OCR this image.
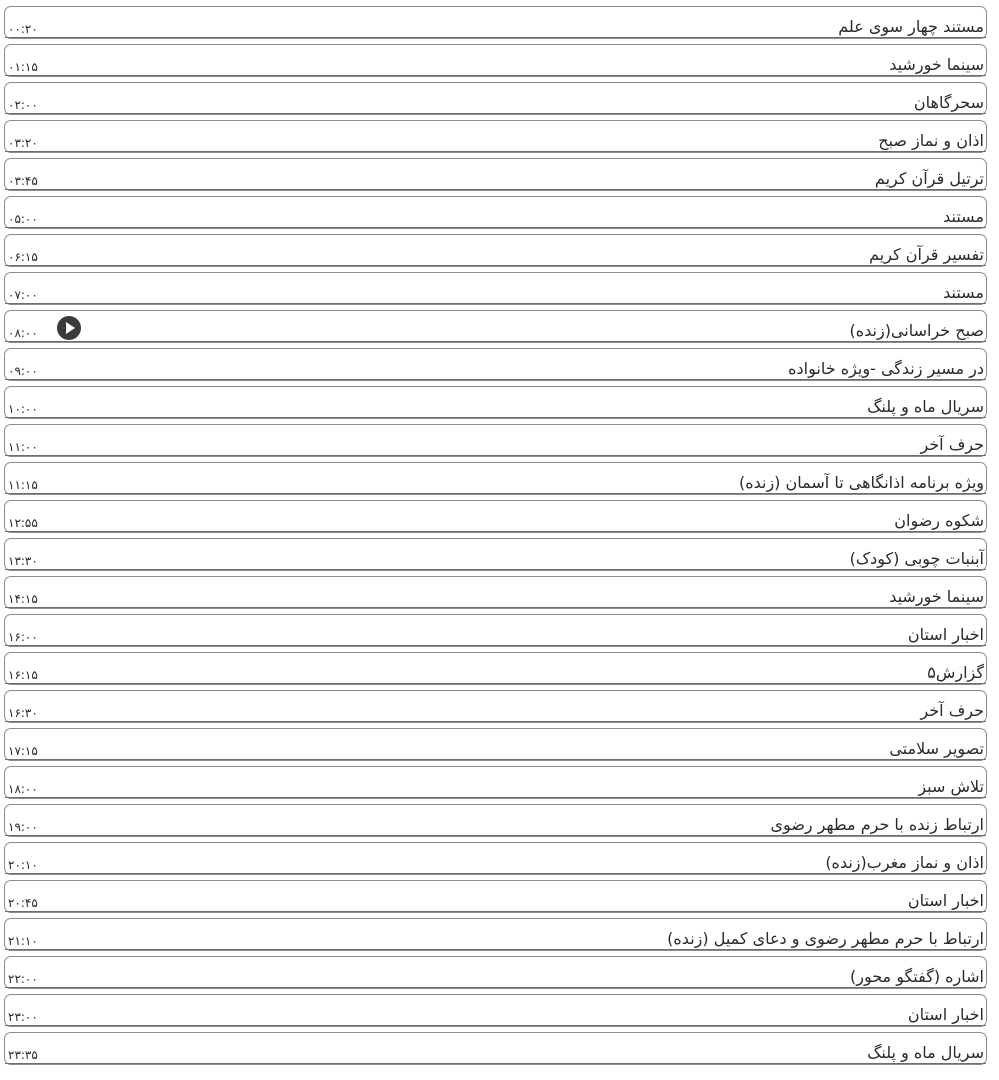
۰۰:۲۰	مستند چهار سوی علم
۰۱:۱۵	سینما خورشید
۰۲:۰۰	سحرگاهان
۰۳:۲۰	اذان و نماز صبح
۰۳:۴۵	ترتیل قرآن کریم
۰۵:۰۰	مستند
۰۶:۱۵	تفسیر قرآن کریم
۰۷:۰۰	مستند
۰۸:۰۰	صبح خراسانی(زنده)
۰۹:۰۰	در مسیر زندگی -ویژه خانواده
۱۰:۰۰	سریال ماه و پلنگ
۱۱:۰۰	حرف آخر
۱۱:۱۵	ویژه برنامه اذانگاهی تا آسمان (زنده)
۱۲:۵۵	شکوه رضوان
۱۳:۳۰	آبنبات چوبی (کودک)
۱۴:۱۵	سینما خورشید
۱۶:۰۰	اخبار استان
۱۶:۱۵	گزارش۵
۱۶:۳۰	حرف آخر
۱۷:۱۵	تصویر سلامتی
۱۸:۰۰	تلاش سبز
۱۹:۰۰	ارتباط زنده با حرم مطهر رضوی
۲۰:۱۰	اذان و نماز مغرب(زنده)
۲۰:۴۵	اخبار استان
۲۱:۱۰	ارتباط با حرم مطهر رضوی و دعای کمیل (زنده)
۲۲:۰۰	اشاره (گفتگو محور)
۲۳:۰۰	اخبار استان
۲۳:۳۵	سریال ماه و پلنگ
